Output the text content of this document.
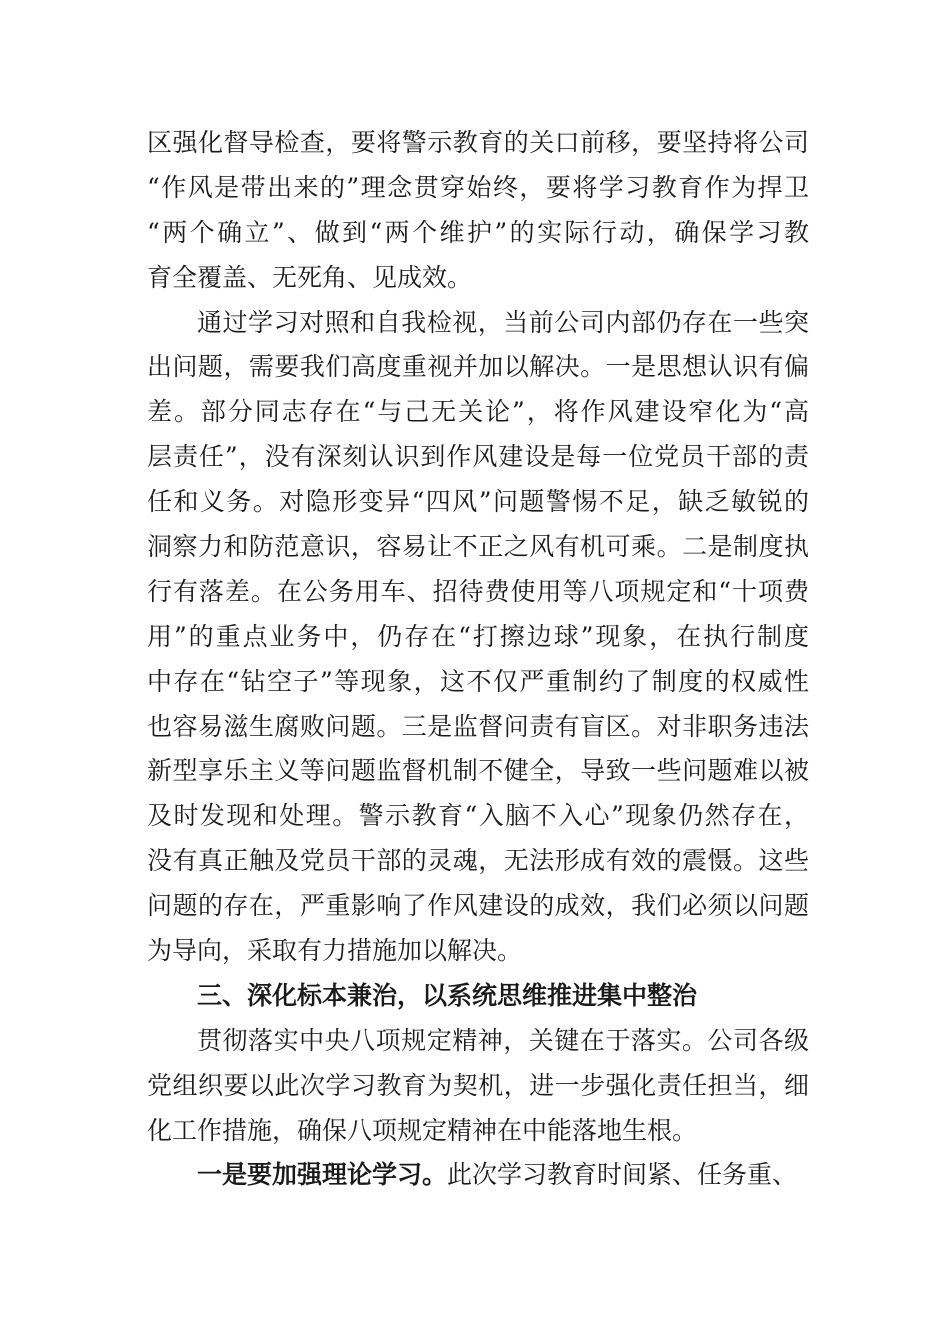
区强化督导检查，要将警示教育的关口前移，要坚持将公司
“作风是带出来的”理念贯穿始终，要将学习教育作为捍卫
“两个确立”、做到“两个维护”的实际行动，确保学习教
育全覆盖、无死角、见成效。
通过学习对照和自我检视，当前公司内部仍存在一些突
出问题，需要我们高度重视并加以解决。一是思想认识有偏
差。部分同志存在“与己无关论”，将作风建设窄化为“高
层责任”，没有深刻认识到作风建设是每一位党员干部的责
任和义务。对隐形变异“四风”问题警惕不足，缺乏敏锐的
洞察力和防范意识，容易让不正之风有机可乘。二是制度执
行有落差。在公务用车、招待费使用等八项规定和“十项费
用”的重点业务中，仍存在“打擦边球”现象，在执行制度
中存在“钻空子”等现象，这不仅严重制约了制度的权威性
也容易滋生腐败问题。三是监督问责有盲区。对非职务违法
新型享乐主义等问题监督机制不健全，导致一些问题难以被
及时发现和处理。警示教育“入脑不入心”现象仍然存在，
没有真正触及党员干部的灵魂，无法形成有效的震慑。这些
问题的存在，严重影响了作风建设的成效，我们必须以问题
为导向，采取有力措施加以解决。
三、深化标本兼治，以系统思维推进集中整治
贯彻落实中央八项规定精神，关键在于落实。公司各级
党组织要以此次学习教育为契机，进一步强化责任担当，细
化工作措施，确保八项规定精神在中能落地生根。
一是要加强理论学习。此次学习教育时间紧、任务重、
